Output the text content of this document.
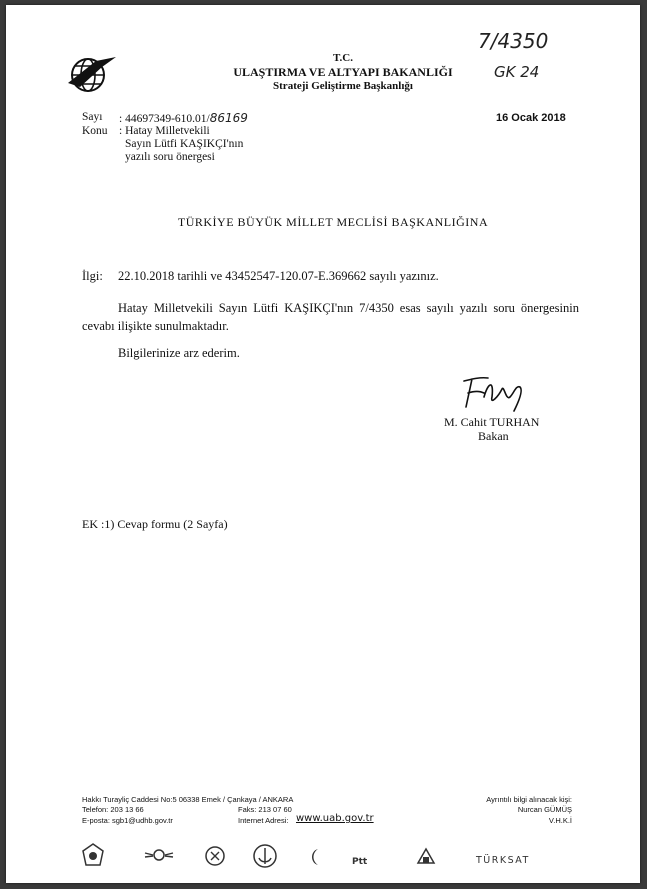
7/4350
GK 24
T.C.
ULAŞTIRMA VE ALTYAPI BAKANLIĞI
Strateji Geliştirme Başkanlığı
Sayı : 44697349-610.01/86169	16 Ocak 2018
Konu : Hatay Milletvekili
Sayın Lütfi KAŞIKÇI'nın
yazılı soru önergesi
TÜRKİYE BÜYÜK MİLLET MECLİSİ BAŞKANLIĞINA
İlgi: 22.10.2018 tarihli ve 43452547-120.07-E.369662 sayılı yazınız.
Hatay Milletvekili Sayın Lütfi KAŞIKÇI'nın 7/4350 esas sayılı yazılı soru önergesinin
cevabı ilişikte sunulmaktadır.
Bilgilerinize arz ederim.
M. Cahit TURHAN
Bakan
EK :1) Cevap formu (2 Sayfa)
Hakkı Turayliç Caddesi No:5 06338 Emek / Çankaya / ANKARA
Telefon: 203 13 66	Faks: 213 07 60
E-posta: sgb1@udhb.gov.tr	Internet Adresi: www.uab.gov.tr
Ayrıntılı bilgi alınacak kişi:
Nurcan GÜMÜŞ
V.H.K.İ
Ptt	TÜRKSAT
